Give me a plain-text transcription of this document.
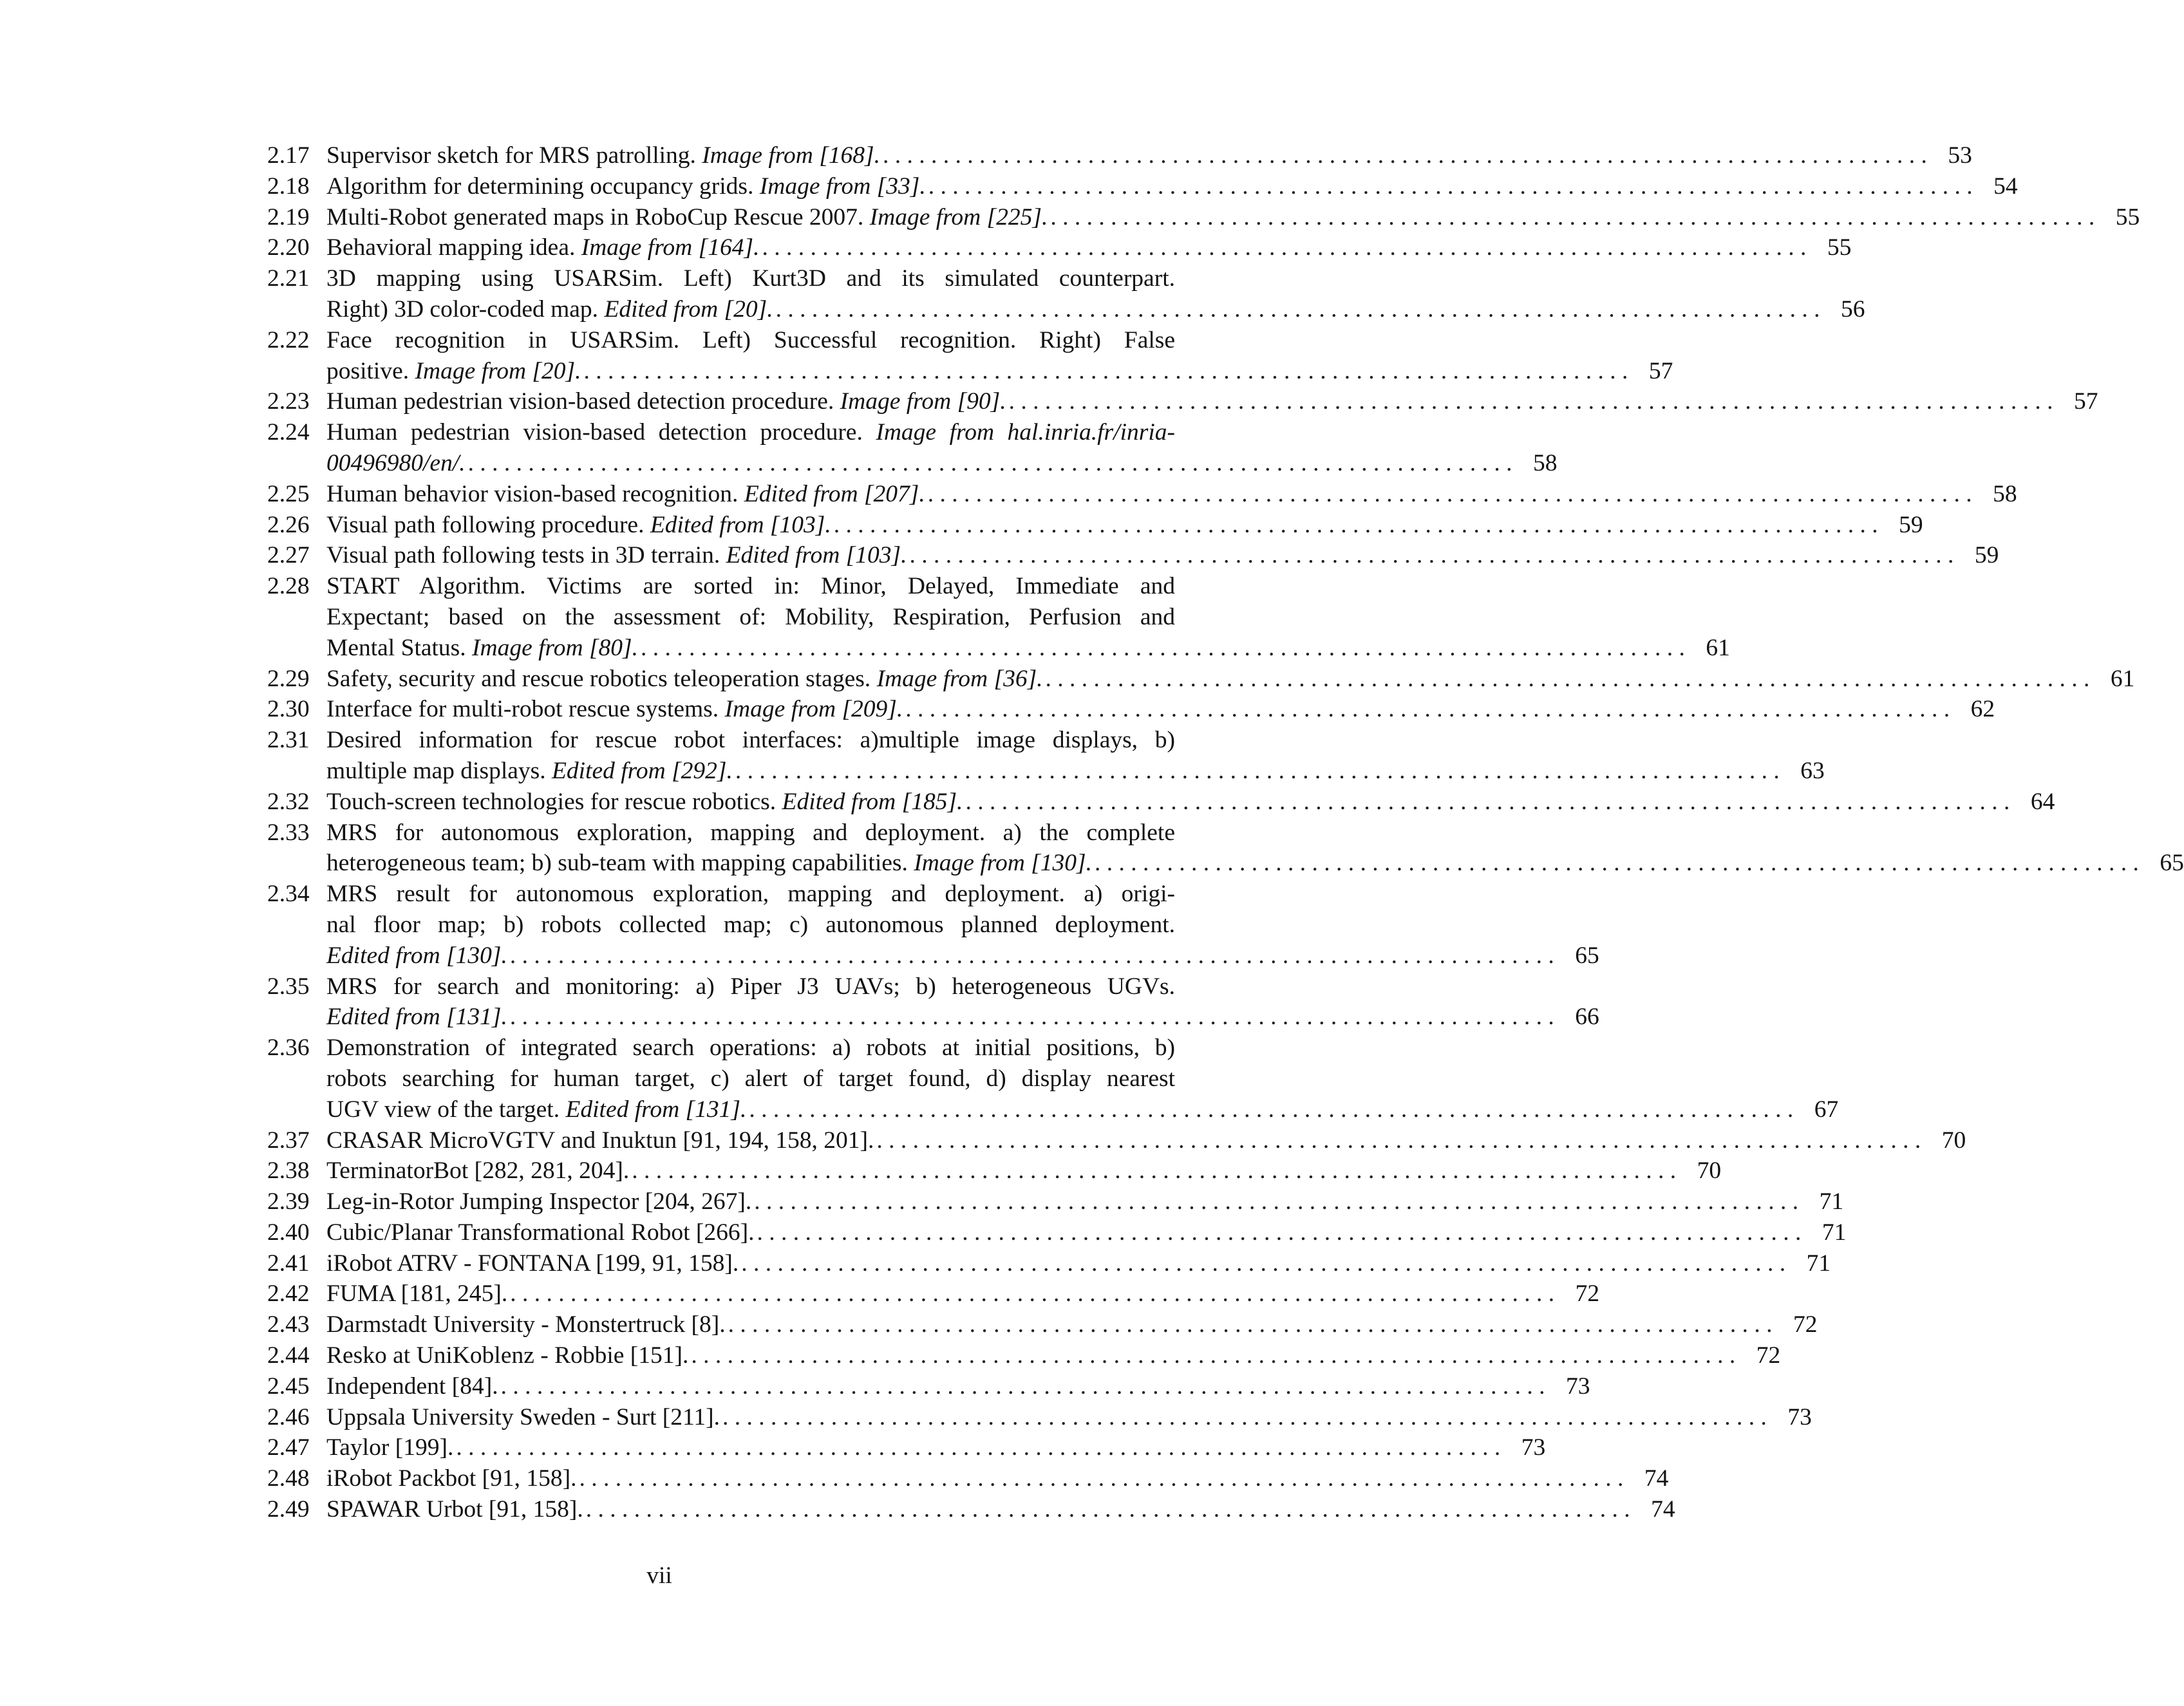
2.17 Supervisor sketch for MRS patrolling. Image from [168]. . . . . . . . . . . . . . . . . . . . . . . . . . . . . . . . . . . . . . . . . . . . . . . . . . . . . . . . . . . . . . . . . . . . . . . . . . . . . . . . . . . . . . . . 53
2.18 Algorithm for determining occupancy grids. Image from [33]. . . . . . . . . . . . . . . . . . . . . . . . . . . . . . . . . . . . . . . . . . . . . . . . . . . . . . . . . . . . . . . . . . . . . . . . . . . . . . . . . . . . . . . . 54
2.19 Multi-Robot generated maps in RoboCup Rescue 2007. Image from [225]. . . . . . . . . . . . . . . . . . . . . . . . . . . . . . . . . . . . . . . . . . . . . . . . . . . . . . . . . . . . . . . . . . . . . . . . . . . . . . . . . . . . . . . . 55
2.20 Behavioral mapping idea. Image from [164]. . . . . . . . . . . . . . . . . . . . . . . . . . . . . . . . . . . . . . . . . . . . . . . . . . . . . . . . . . . . . . . . . . . . . . . . . . . . . . . . . . . . . . . . 55
2.21 3D mapping using USARSim. Left) Kurt3D and its simulated counterpart.
Right) 3D color-coded map. Edited from [20]. . . . . . . . . . . . . . . . . . . . . . . . . . . . . . . . . . . . . . . . . . . . . . . . . . . . . . . . . . . . . . . . . . . . . . . . . . . . . . . . . . . . . . . . 56
2.22 Face recognition in USARSim. Left) Successful recognition. Right) False
positive. Image from [20]. . . . . . . . . . . . . . . . . . . . . . . . . . . . . . . . . . . . . . . . . . . . . . . . . . . . . . . . . . . . . . . . . . . . . . . . . . . . . . . . . . . . . . . . 57
2.23 Human pedestrian vision-based detection procedure. Image from [90]. . . . . . . . . . . . . . . . . . . . . . . . . . . . . . . . . . . . . . . . . . . . . . . . . . . . . . . . . . . . . . . . . . . . . . . . . . . . . . . . . . . . . . . . 57
2.24 Human pedestrian vision-based detection procedure. Image from hal.inria.fr/inria-
00496980/en/. . . . . . . . . . . . . . . . . . . . . . . . . . . . . . . . . . . . . . . . . . . . . . . . . . . . . . . . . . . . . . . . . . . . . . . . . . . . . . . . . . . . . . . . 58
2.25 Human behavior vision-based recognition. Edited from [207]. . . . . . . . . . . . . . . . . . . . . . . . . . . . . . . . . . . . . . . . . . . . . . . . . . . . . . . . . . . . . . . . . . . . . . . . . . . . . . . . . . . . . . . . 58
2.26 Visual path following procedure. Edited from [103]. . . . . . . . . . . . . . . . . . . . . . . . . . . . . . . . . . . . . . . . . . . . . . . . . . . . . . . . . . . . . . . . . . . . . . . . . . . . . . . . . . . . . . . . 59
2.27 Visual path following tests in 3D terrain. Edited from [103]. . . . . . . . . . . . . . . . . . . . . . . . . . . . . . . . . . . . . . . . . . . . . . . . . . . . . . . . . . . . . . . . . . . . . . . . . . . . . . . . . . . . . . . . 59
2.28 START Algorithm. Victims are sorted in: Minor, Delayed, Immediate and
Expectant; based on the assessment of: Mobility, Respiration, Perfusion and
Mental Status. Image from [80]. . . . . . . . . . . . . . . . . . . . . . . . . . . . . . . . . . . . . . . . . . . . . . . . . . . . . . . . . . . . . . . . . . . . . . . . . . . . . . . . . . . . . . . . 61
2.29 Safety, security and rescue robotics teleoperation stages. Image from [36]. . . . . . . . . . . . . . . . . . . . . . . . . . . . . . . . . . . . . . . . . . . . . . . . . . . . . . . . . . . . . . . . . . . . . . . . . . . . . . . . . . . . . . . . 61
2.30 Interface for multi-robot rescue systems. Image from [209]. . . . . . . . . . . . . . . . . . . . . . . . . . . . . . . . . . . . . . . . . . . . . . . . . . . . . . . . . . . . . . . . . . . . . . . . . . . . . . . . . . . . . . . . 62
2.31 Desired information for rescue robot interfaces: a)multiple image displays, b)
multiple map displays. Edited from [292]. . . . . . . . . . . . . . . . . . . . . . . . . . . . . . . . . . . . . . . . . . . . . . . . . . . . . . . . . . . . . . . . . . . . . . . . . . . . . . . . . . . . . . . . 63
2.32 Touch-screen technologies for rescue robotics. Edited from [185]. . . . . . . . . . . . . . . . . . . . . . . . . . . . . . . . . . . . . . . . . . . . . . . . . . . . . . . . . . . . . . . . . . . . . . . . . . . . . . . . . . . . . . . . 64
2.33 MRS for autonomous exploration, mapping and deployment. a) the complete
heterogeneous team; b) sub-team with mapping capabilities. Image from [130]. . . . . . . . . . . . . . . . . . . . . . . . . . . . . . . . . . . . . . . . . . . . . . . . . . . . . . . . . . . . . . . . . . . . . . . . . . . . . . . . . . . . . . . . 65
2.34 MRS result for autonomous exploration, mapping and deployment. a) origi-
nal floor map; b) robots collected map; c) autonomous planned deployment.
Edited from [130]. . . . . . . . . . . . . . . . . . . . . . . . . . . . . . . . . . . . . . . . . . . . . . . . . . . . . . . . . . . . . . . . . . . . . . . . . . . . . . . . . . . . . . . . 65
2.35 MRS for search and monitoring: a) Piper J3 UAVs; b) heterogeneous UGVs.
Edited from [131]. . . . . . . . . . . . . . . . . . . . . . . . . . . . . . . . . . . . . . . . . . . . . . . . . . . . . . . . . . . . . . . . . . . . . . . . . . . . . . . . . . . . . . . . 66
2.36 Demonstration of integrated search operations: a) robots at initial positions, b)
robots searching for human target, c) alert of target found, d) display nearest
UGV view of the target. Edited from [131]. . . . . . . . . . . . . . . . . . . . . . . . . . . . . . . . . . . . . . . . . . . . . . . . . . . . . . . . . . . . . . . . . . . . . . . . . . . . . . . . . . . . . . . . 67
2.37 CRASAR MicroVGTV and Inuktun [91, 194, 158, 201]. . . . . . . . . . . . . . . . . . . . . . . . . . . . . . . . . . . . . . . . . . . . . . . . . . . . . . . . . . . . . . . . . . . . . . . . . . . . . . . . . . . . . . . . 70
2.38 TerminatorBot [282, 281, 204]. . . . . . . . . . . . . . . . . . . . . . . . . . . . . . . . . . . . . . . . . . . . . . . . . . . . . . . . . . . . . . . . . . . . . . . . . . . . . . . . . . . . . . . . 70
2.39 Leg-in-Rotor Jumping Inspector [204, 267]. . . . . . . . . . . . . . . . . . . . . . . . . . . . . . . . . . . . . . . . . . . . . . . . . . . . . . . . . . . . . . . . . . . . . . . . . . . . . . . . . . . . . . . . 71
2.40 Cubic/Planar Transformational Robot [266]. . . . . . . . . . . . . . . . . . . . . . . . . . . . . . . . . . . . . . . . . . . . . . . . . . . . . . . . . . . . . . . . . . . . . . . . . . . . . . . . . . . . . . . . 71
2.41 iRobot ATRV - FONTANA [199, 91, 158]. . . . . . . . . . . . . . . . . . . . . . . . . . . . . . . . . . . . . . . . . . . . . . . . . . . . . . . . . . . . . . . . . . . . . . . . . . . . . . . . . . . . . . . . 71
2.42 FUMA [181, 245]. . . . . . . . . . . . . . . . . . . . . . . . . . . . . . . . . . . . . . . . . . . . . . . . . . . . . . . . . . . . . . . . . . . . . . . . . . . . . . . . . . . . . . . . 72
2.43 Darmstadt University - Monstertruck [8]. . . . . . . . . . . . . . . . . . . . . . . . . . . . . . . . . . . . . . . . . . . . . . . . . . . . . . . . . . . . . . . . . . . . . . . . . . . . . . . . . . . . . . . . 72
2.44 Resko at UniKoblenz - Robbie [151]. . . . . . . . . . . . . . . . . . . . . . . . . . . . . . . . . . . . . . . . . . . . . . . . . . . . . . . . . . . . . . . . . . . . . . . . . . . . . . . . . . . . . . . . 72
2.45 Independent [84]. . . . . . . . . . . . . . . . . . . . . . . . . . . . . . . . . . . . . . . . . . . . . . . . . . . . . . . . . . . . . . . . . . . . . . . . . . . . . . . . . . . . . . . . 73
2.46 Uppsala University Sweden - Surt [211]. . . . . . . . . . . . . . . . . . . . . . . . . . . . . . . . . . . . . . . . . . . . . . . . . . . . . . . . . . . . . . . . . . . . . . . . . . . . . . . . . . . . . . . . 73
2.47 Taylor [199]. . . . . . . . . . . . . . . . . . . . . . . . . . . . . . . . . . . . . . . . . . . . . . . . . . . . . . . . . . . . . . . . . . . . . . . . . . . . . . . . . . . . . . . . 73
2.48 iRobot Packbot [91, 158]. . . . . . . . . . . . . . . . . . . . . . . . . . . . . . . . . . . . . . . . . . . . . . . . . . . . . . . . . . . . . . . . . . . . . . . . . . . . . . . . . . . . . . . . 74
2.49 SPAWAR Urbot [91, 158]. . . . . . . . . . . . . . . . . . . . . . . . . . . . . . . . . . . . . . . . . . . . . . . . . . . . . . . . . . . . . . . . . . . . . . . . . . . . . . . . . . . . . . . . 74
vii
